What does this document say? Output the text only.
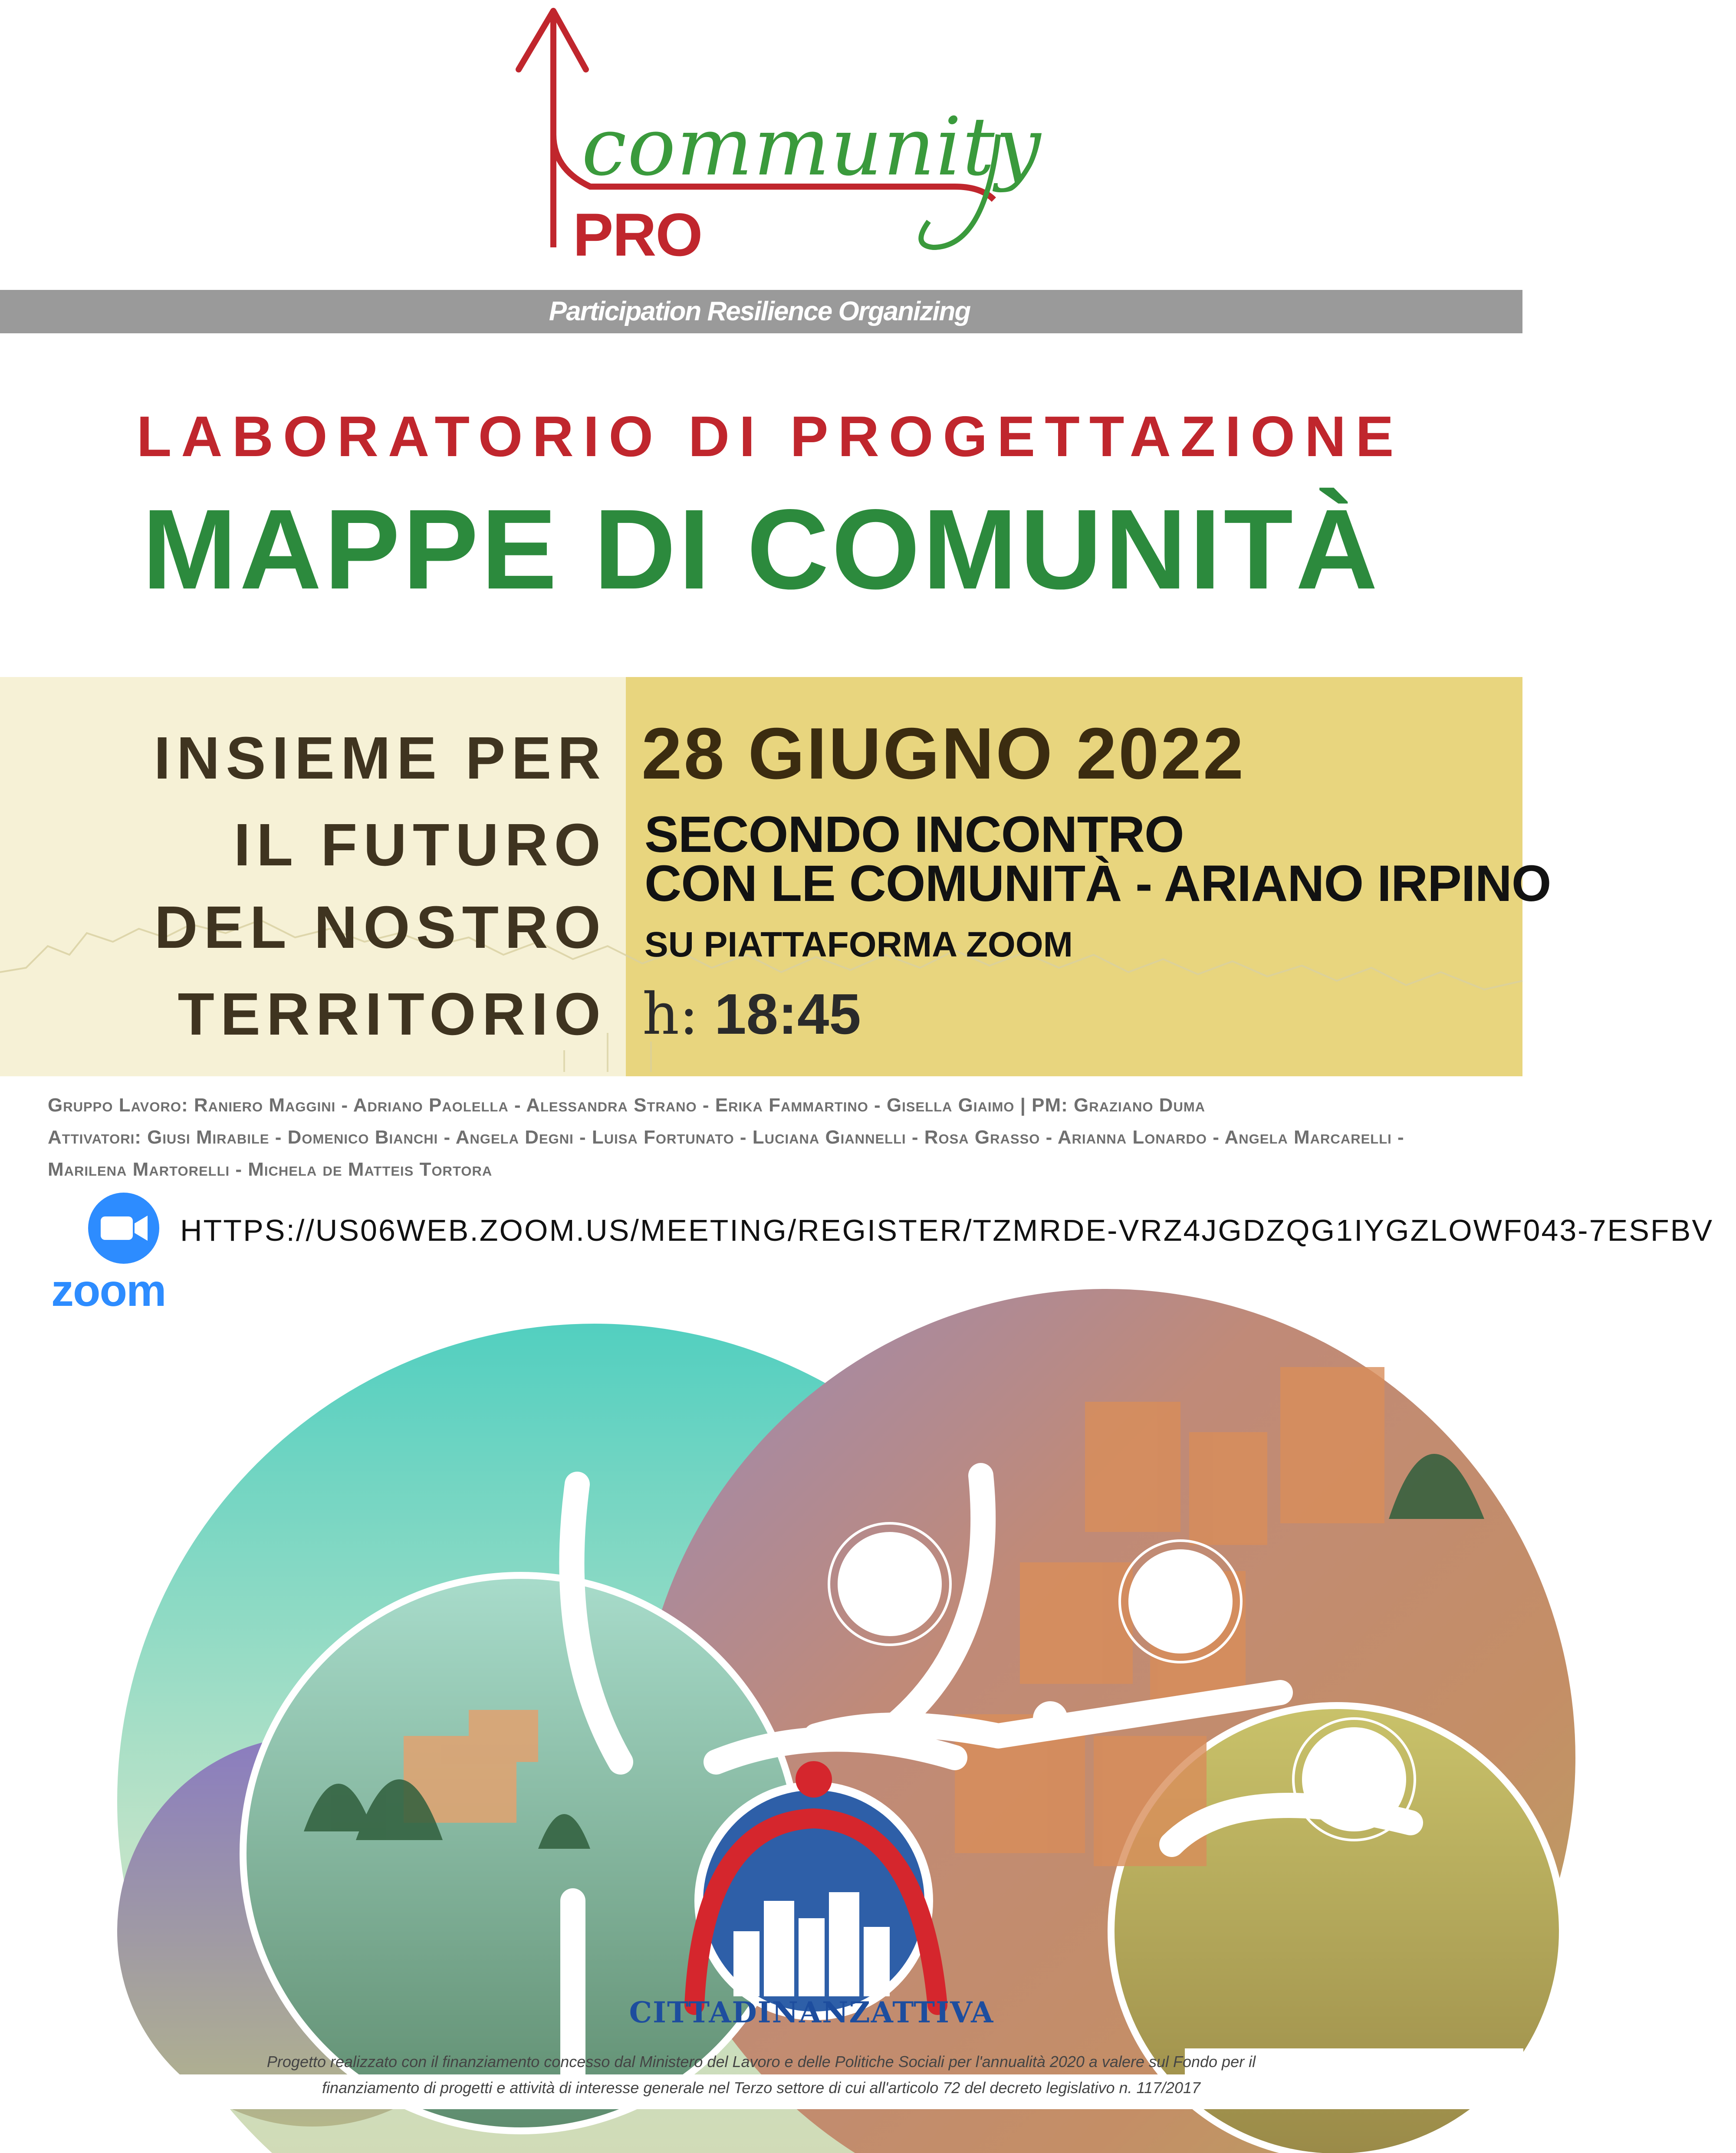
community
PRO
Participation Resilience Organizing
LABORATORIO DI PROGETTAZIONE
MAPPE DI COMUNITÀ
INSIEME PER
IL FUTURO
DEL NOSTRO
TERRITORIO
28 GIUGNO 2022
SECONDO INCONTRO
CON LE COMUNITÀ - ARIANO IRPINO
SU PIATTAFORMA ZOOM
h: 18:45
Gruppo Lavoro: Raniero Maggini - Adriano Paolella - Alessandra Strano - Erika Fammartino - Gisella Giaimo | PM: Graziano Duma
Attivatori: Giusi Mirabile - Domenico Bianchi - Angela Degni - Luisa Fortunato - Luciana Giannelli - Rosa Grasso - Arianna Lonardo - Angela Marcarelli -
Marilena Martorelli - Michela de Matteis Tortora
zoom
HTTPS://US06WEB.ZOOM.US/MEETING/REGISTER/TZMRDE-VRZ4JGDZQG1IYGZLOWF043-7ESFBV
CITTADINANZATTIVA
Progetto realizzato con il finanziamento concesso dal Ministero del Lavoro e delle Politiche Sociali per l'annualità 2020 a valere sul Fondo per il
finanziamento di progetti e attività di interesse generale nel Terzo settore di cui all'articolo 72 del decreto legislativo n. 117/2017
